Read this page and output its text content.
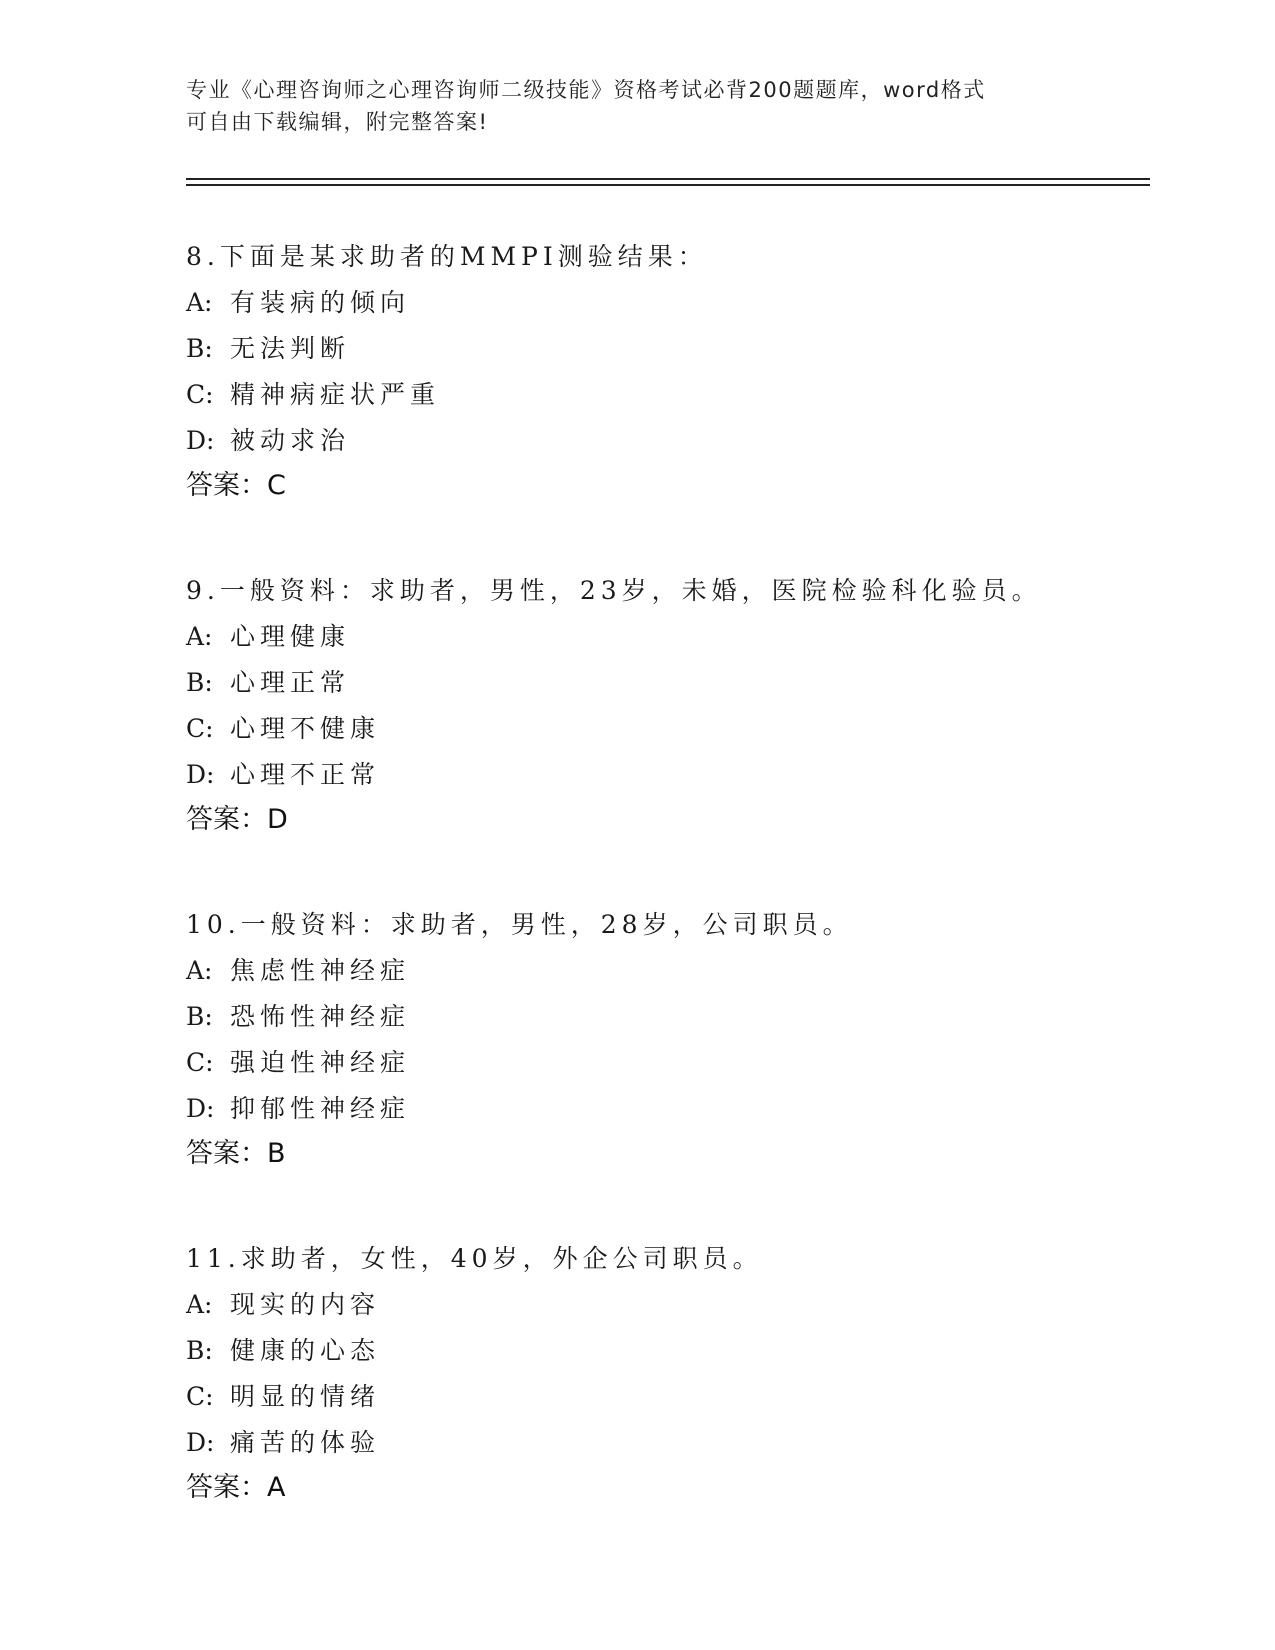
专业《心理咨询师之心理咨询师二级技能》资格考试必背200题题库，word格式
可自由下载编辑，附完整答案!
8.下面是某求助者的MMPI测验结果：
A: 有装病的倾向
B: 无法判断
C: 精神病症状严重
D: 被动求治
答案：C
9.一般资料：求助者，男性，23岁，未婚，医院检验科化验员。
A: 心理健康
B: 心理正常
C: 心理不健康
D: 心理不正常
答案：D
10.一般资料：求助者，男性，28岁，公司职员。
A: 焦虑性神经症
B: 恐怖性神经症
C: 强迫性神经症
D: 抑郁性神经症
答案：B
11.求助者，女性，40岁，外企公司职员。
A: 现实的内容
B: 健康的心态
C: 明显的情绪
D: 痛苦的体验
答案：A
